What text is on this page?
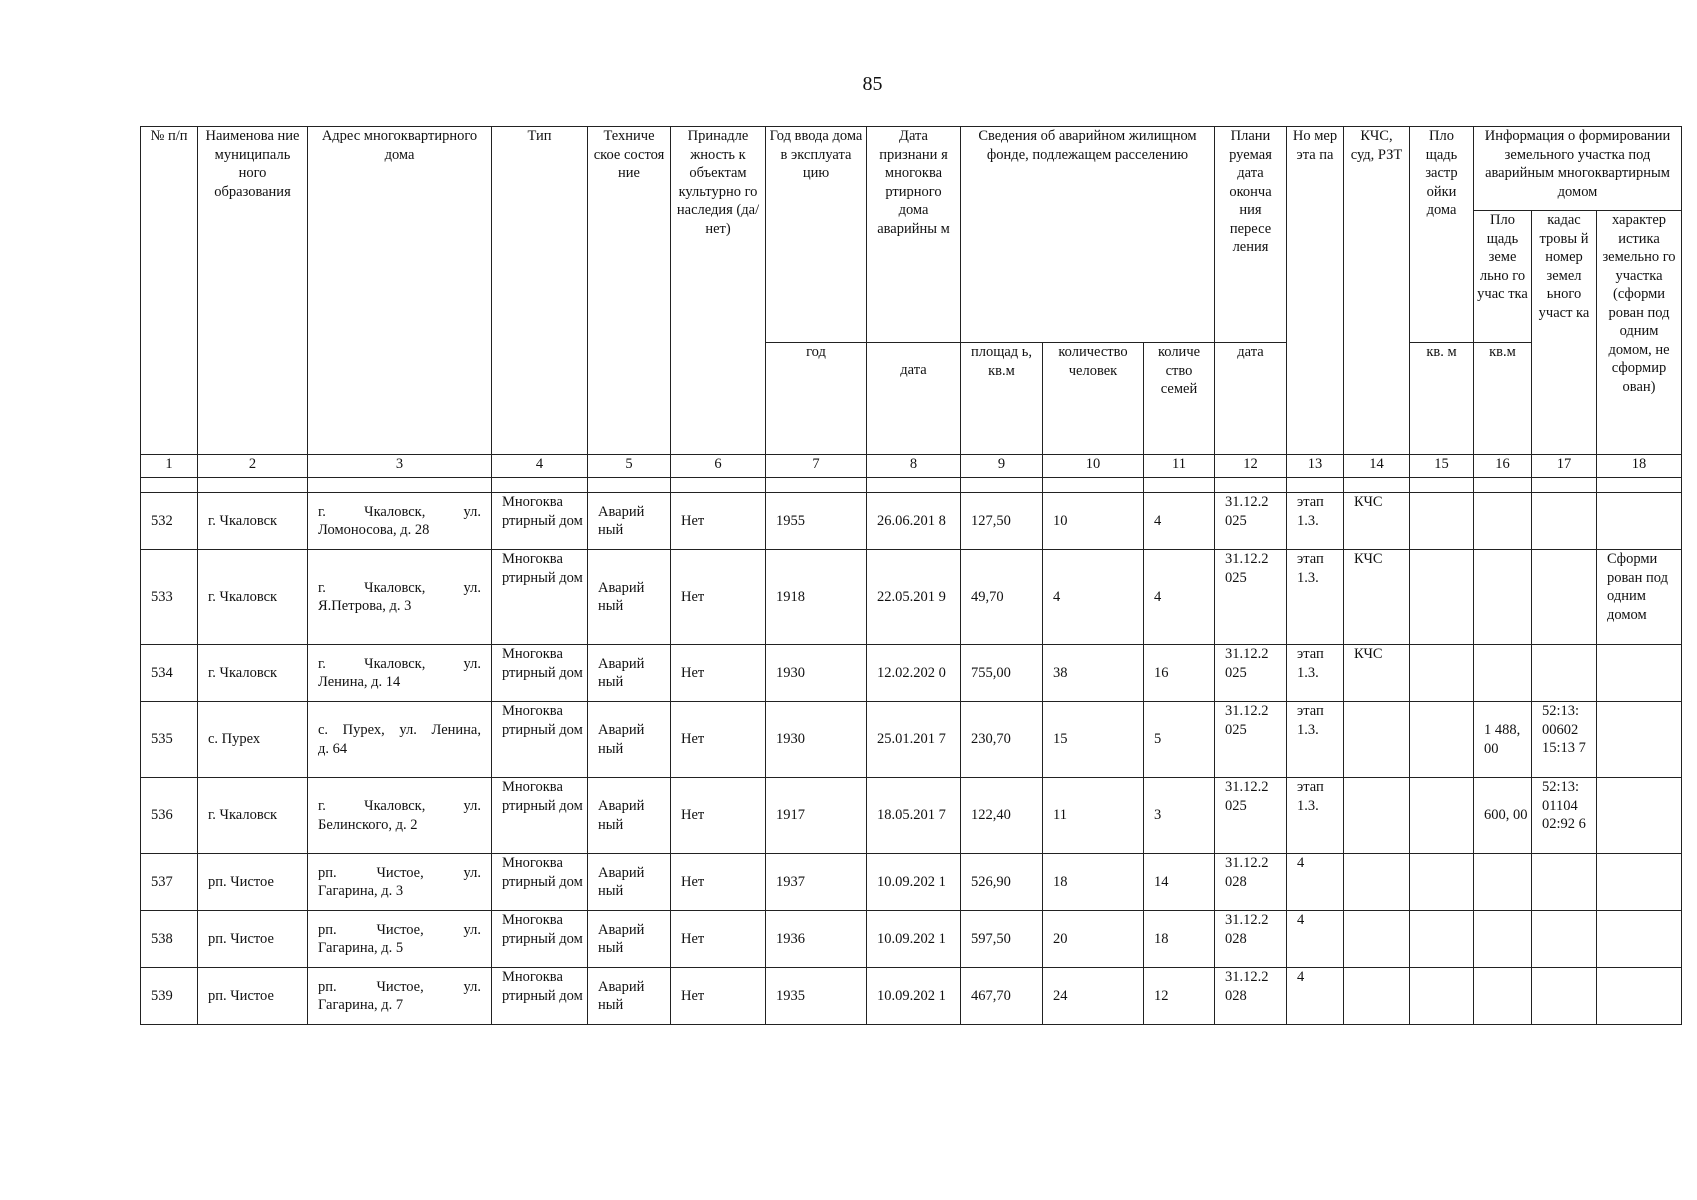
85
№ п/п	Наименова ние муниципаль ного образования	Адрес многоквартирного дома	Тип	Техниче ское состоя ние	Принадле жность к объектам культурно го наследия (да/нет)	Год ввода дома в эксплуата цию	Дата признани я многоква ртирного дома аварийны м	Сведения об аварийном жилищном фонде, подлежащем расселению			Плани руемая дата оконча ния пересе ления	Но мер эта па	КЧС, суд, РЗТ	Пло щадь застр ойки дома	Информация о формировании земельного участка под аварийным многоквартирным домом		
															Пло щадь земе льно го учас тка	кадас тровы й номер земел ьного участ ка	характер истика земельно го участка (сформи рован под одним домом, не сформир ован)
						год	дата	площад ь, кв.м	количество человек	количе ство семей	дата			кв. м	кв.м		
1	2	3	4	5	6	7	8	9	10	11	12	13	14	15	16	17	18

532	г. Чкаловск	г. Чкаловск, ул.
Ломоносова, д. 28	Многоква ртирный дом	Аварий ный	Нет	1955	26.06.201 8	127,50	10	4	31.12.2 025	этап 1.3.	КЧС				
533	г. Чкаловск	г. Чкаловск, ул.
Я.Петрова, д. 3	Многоква ртирный дом	Аварий ный	Нет	1918	22.05.201 9	49,70	4	4	31.12.2 025	этап 1.3.	КЧС				Сформи рован под одним домом
534	г. Чкаловск	г. Чкаловск, ул.
Ленина, д. 14	Многоква ртирный дом	Аварий ный	Нет	1930	12.02.202 0	755,00	38	16	31.12.2 025	этап 1.3.	КЧС				
535	с. Пурех	с. Пурех, ул. Ленина,
д. 64	Многоква ртирный дом	Аварий ный	Нет	1930	25.01.201 7	230,70	15	5	31.12.2 025	этап 1.3.			1 488, 00	52:13: 00602 15:13 7	
536	г. Чкаловск	г. Чкаловск, ул.
Белинского, д. 2	Многоква ртирный дом	Аварий ный	Нет	1917	18.05.201 7	122,40	11	3	31.12.2 025	этап 1.3.			600, 00	52:13: 01104 02:92 6	
537	рп. Чистое	рп. Чистое, ул.
Гагарина, д. 3	Многоква ртирный дом	Аварий ный	Нет	1937	10.09.202 1	526,90	18	14	31.12.2 028	4					
538	рп. Чистое	рп. Чистое, ул.
Гагарина, д. 5	Многоква ртирный дом	Аварий ный	Нет	1936	10.09.202 1	597,50	20	18	31.12.2 028	4					
539	рп. Чистое	рп. Чистое, ул.
Гагарина, д. 7	Многоква ртирный дом	Аварий ный	Нет	1935	10.09.202 1	467,70	24	12	31.12.2 028	4					
